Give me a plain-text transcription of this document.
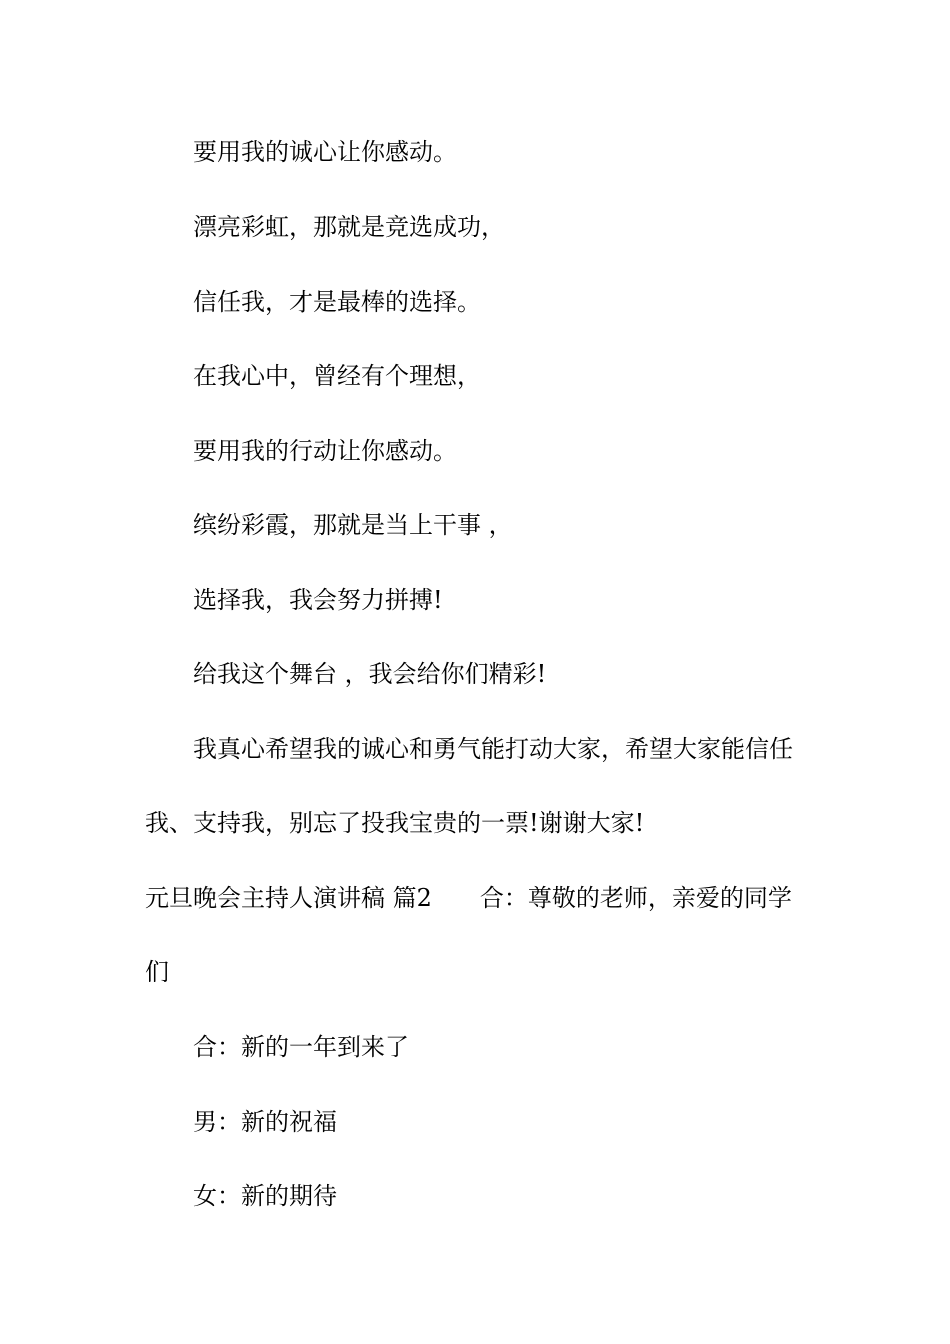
要用我的诚心让你感动。
漂亮彩虹，那就是竞选成功，
信任我，才是最棒的选择。
在我心中，曾经有个理想，
要用我的行动让你感动。
缤纷彩霞，那就是当上干事 ，
选择我，我会努力拼搏!
给我这个舞台 ，我会给你们精彩!
我真心希望我的诚心和勇气能打动大家，希望大家能信任
我、支持我，别忘了投我宝贵的一票!谢谢大家!
元旦晚会主持人演讲稿 篇2　　合：尊敬的老师，亲爱的同学
们
合：新的一年到来了
男：新的祝福
女：新的期待
